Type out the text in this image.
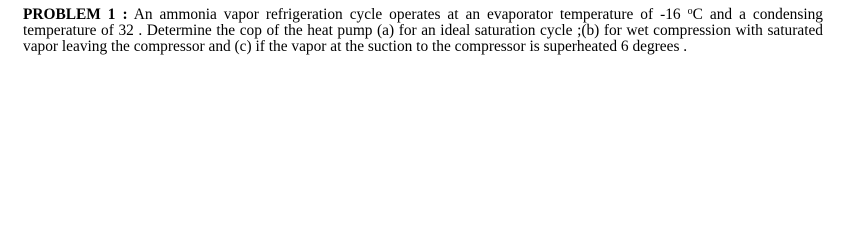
PROBLEM 1 : An ammonia vapor refrigeration cycle operates at an evaporator temperature of -16 $^o$C and a condensing temperature of 32 . Determine the cop of the heat pump (a) for an ideal saturation cycle ;(b) for wet compression with saturated vapor leaving the compressor and (c) if the vapor at the suction to the compressor is superheated 6 degrees .
